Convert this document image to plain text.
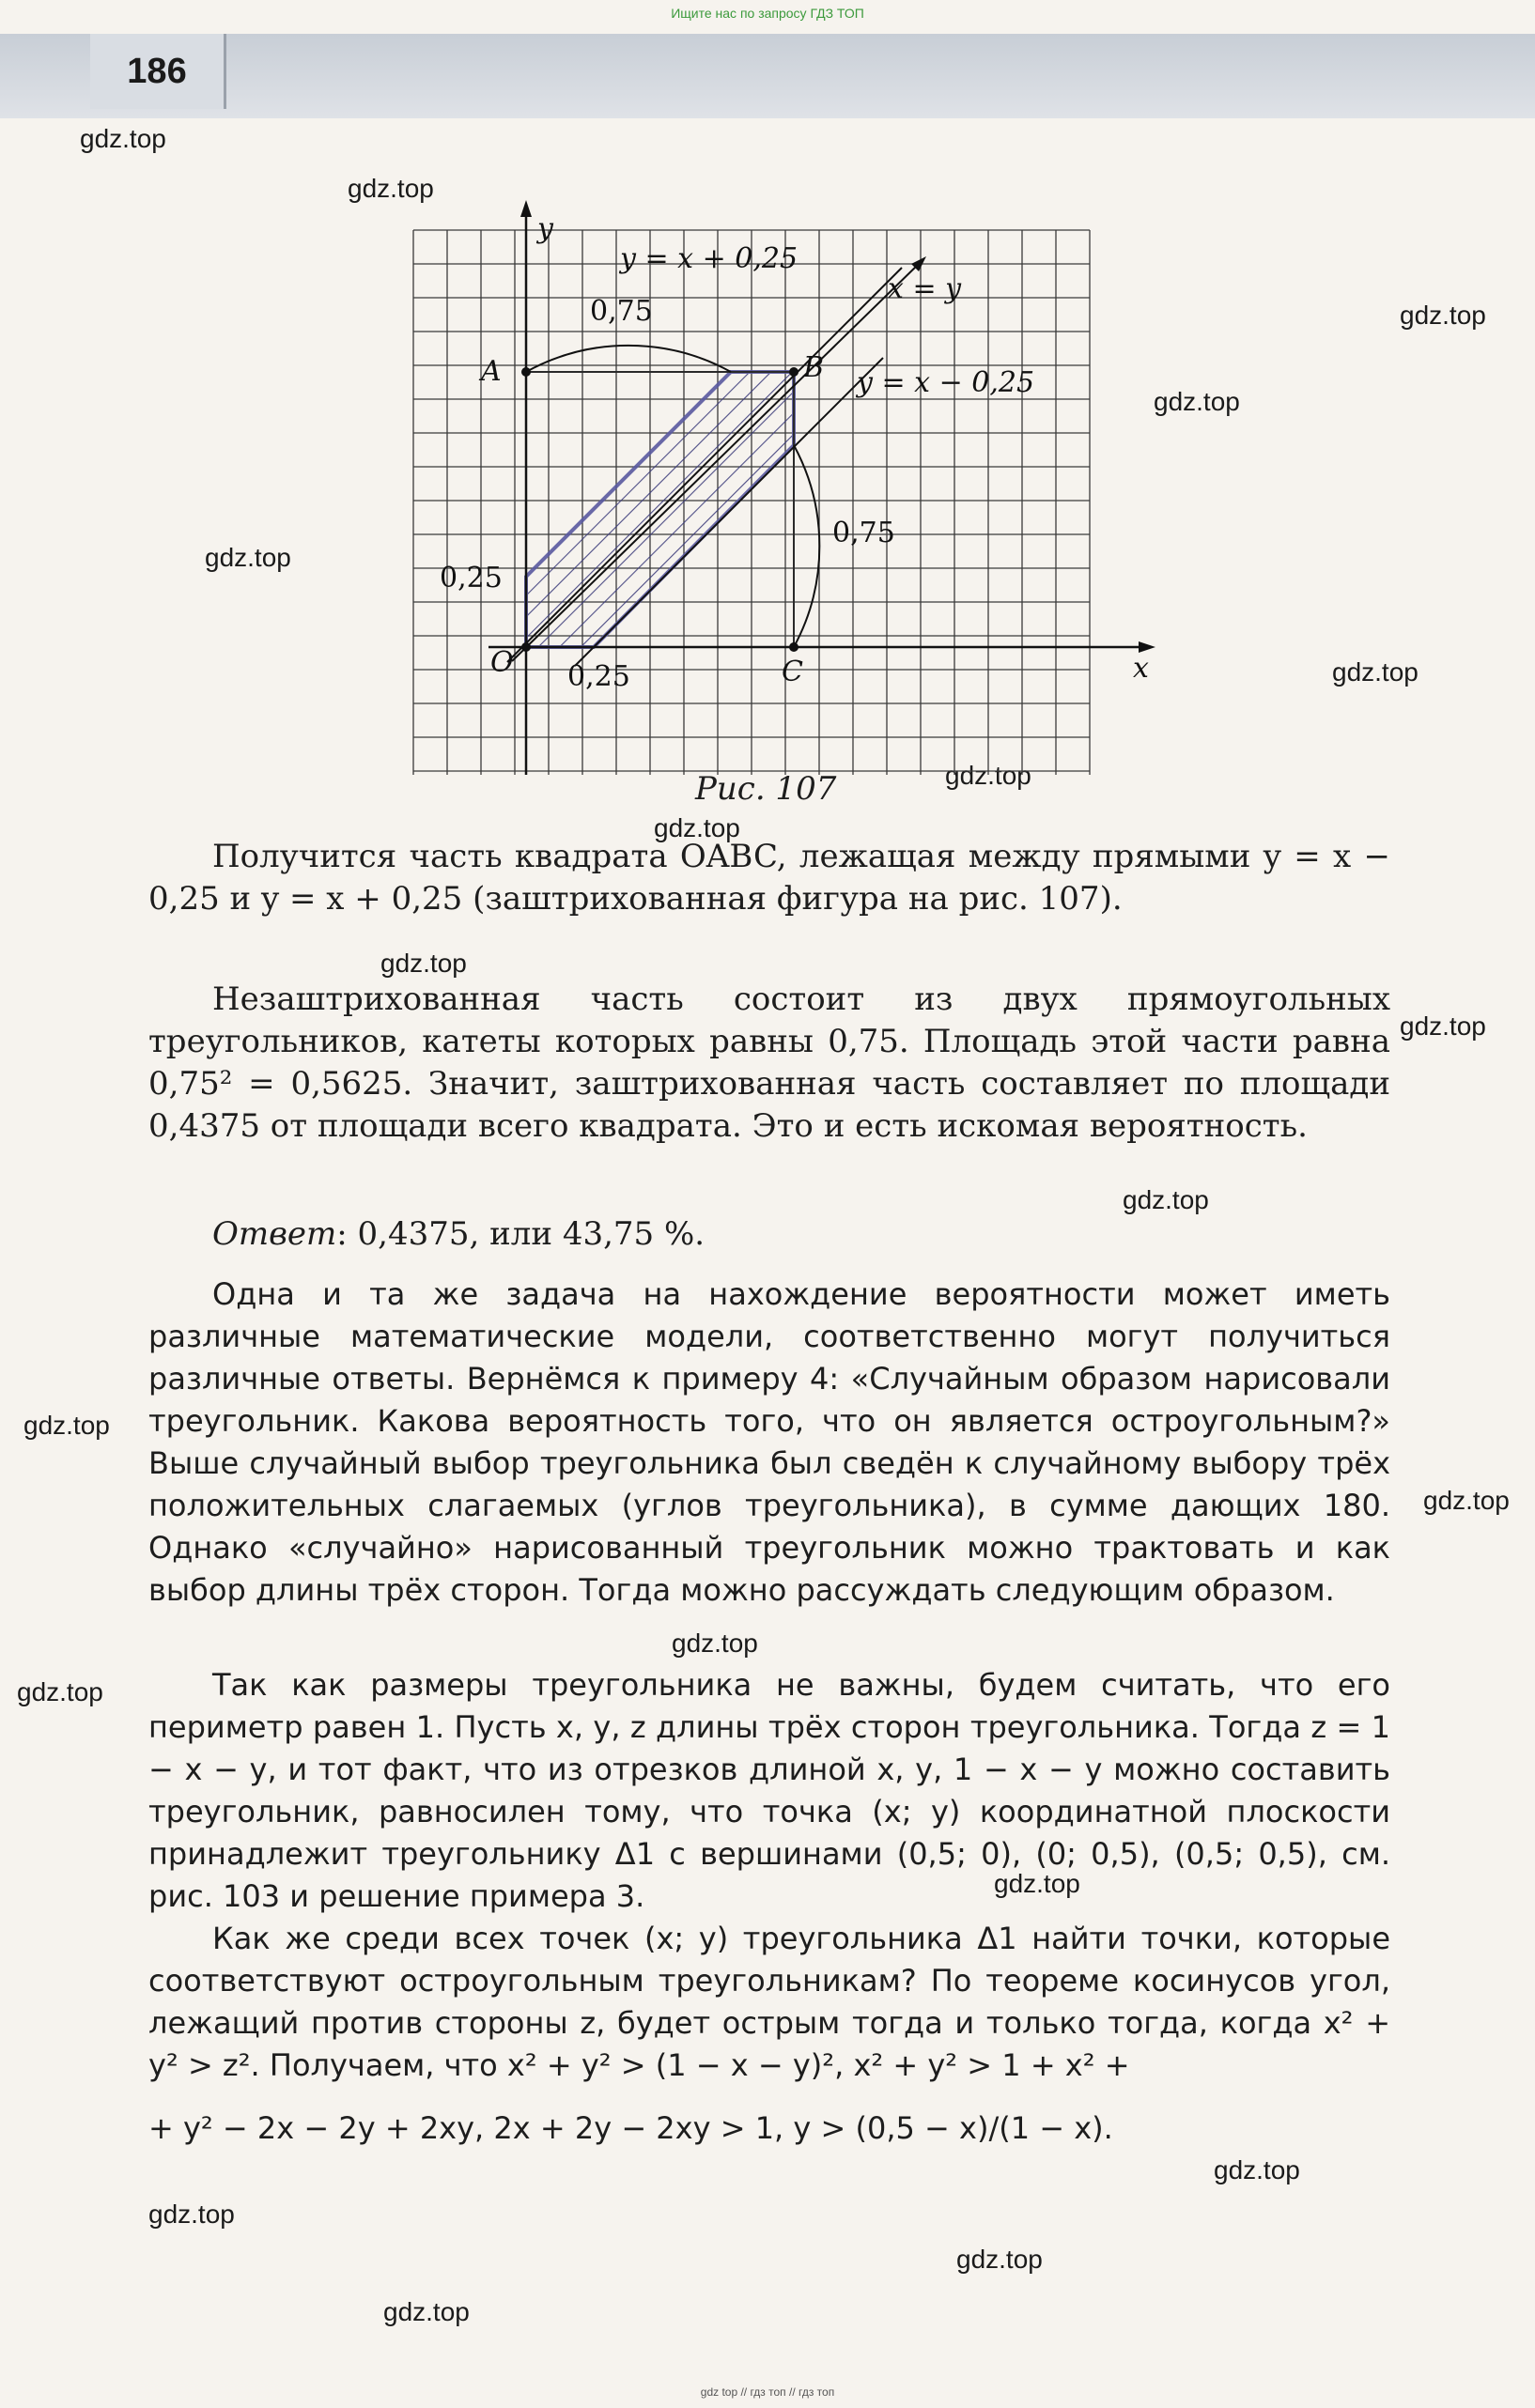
Ищите нас по запросу ГДЗ ТОП
186
gdz.top
gdz.top
gdz.top
gdz.top
gdz.top
gdz.top
gdz.top
gdz.top
gdz.top
gdz.top
gdz.top
gdz.top
gdz.top
gdz.top
gdz.top
gdz.top
gdz.top
gdz.top
gdz.top
gdz.top
y
x
y = x + 0,25
x = y
y = x − 0,25
A	B
C
O
0,75
0,75
0,25
0,25
Рис. 107
Получится часть квадрата OABC, лежащая между прямыми y = x − 0,25 и y = x + 0,25 (заштрихованная фигура на рис. 107).
Незаштрихованная часть состоит из двух прямоугольных треугольников, катеты которых равны 0,75. Площадь этой части равна 0,75² = 0,5625. Значит, заштрихованная часть составляет по площади 0,4375 от площади всего квадрата. Это и есть искомая вероятность.
Ответ: 0,4375, или 43,75 %.
Одна и та же задача на нахождение вероятности может иметь различные математические модели, соответственно могут получиться различные ответы. Вернёмся к примеру 4: «Случайным образом нарисовали треугольник. Какова вероятность того, что он является остроугольным?» Выше случайный выбор треугольника был сведён к случайному выбору трёх положительных слагаемых (углов треугольника), в сумме дающих 180. Однако «случайно» нарисованный треугольник можно трактовать и как выбор длины трёх сторон. Тогда можно рассуждать следующим образом.
Так как размеры треугольника не важны, будем считать, что его периметр равен 1. Пусть x, y, z длины трёх сторон треугольника. Тогда z = 1 − x − y, и тот факт, что из отрезков длиной x, y, 1 − x − y можно составить треугольник, равносилен тому, что точка (x; y) координатной плоскости принадлежит треугольнику Δ1 с вершинами (0,5; 0), (0; 0,5), (0,5; 0,5), см. рис. 103 и решение примера 3.
Как же среди всех точек (x; y) треугольника Δ1 найти точки, которые соответствуют остроугольным треугольникам? По теореме косинусов угол, лежащий против стороны z, будет острым тогда и только тогда, когда x² + y² > z². Получаем, что x² + y² > (1 − x − y)², x² + y² > 1 + x² +
+ y² − 2x − 2y + 2xy, 2x + 2y − 2xy > 1, y > (0,5 − x)/(1 − x).
gdz top // гдз топ // гдз топ
